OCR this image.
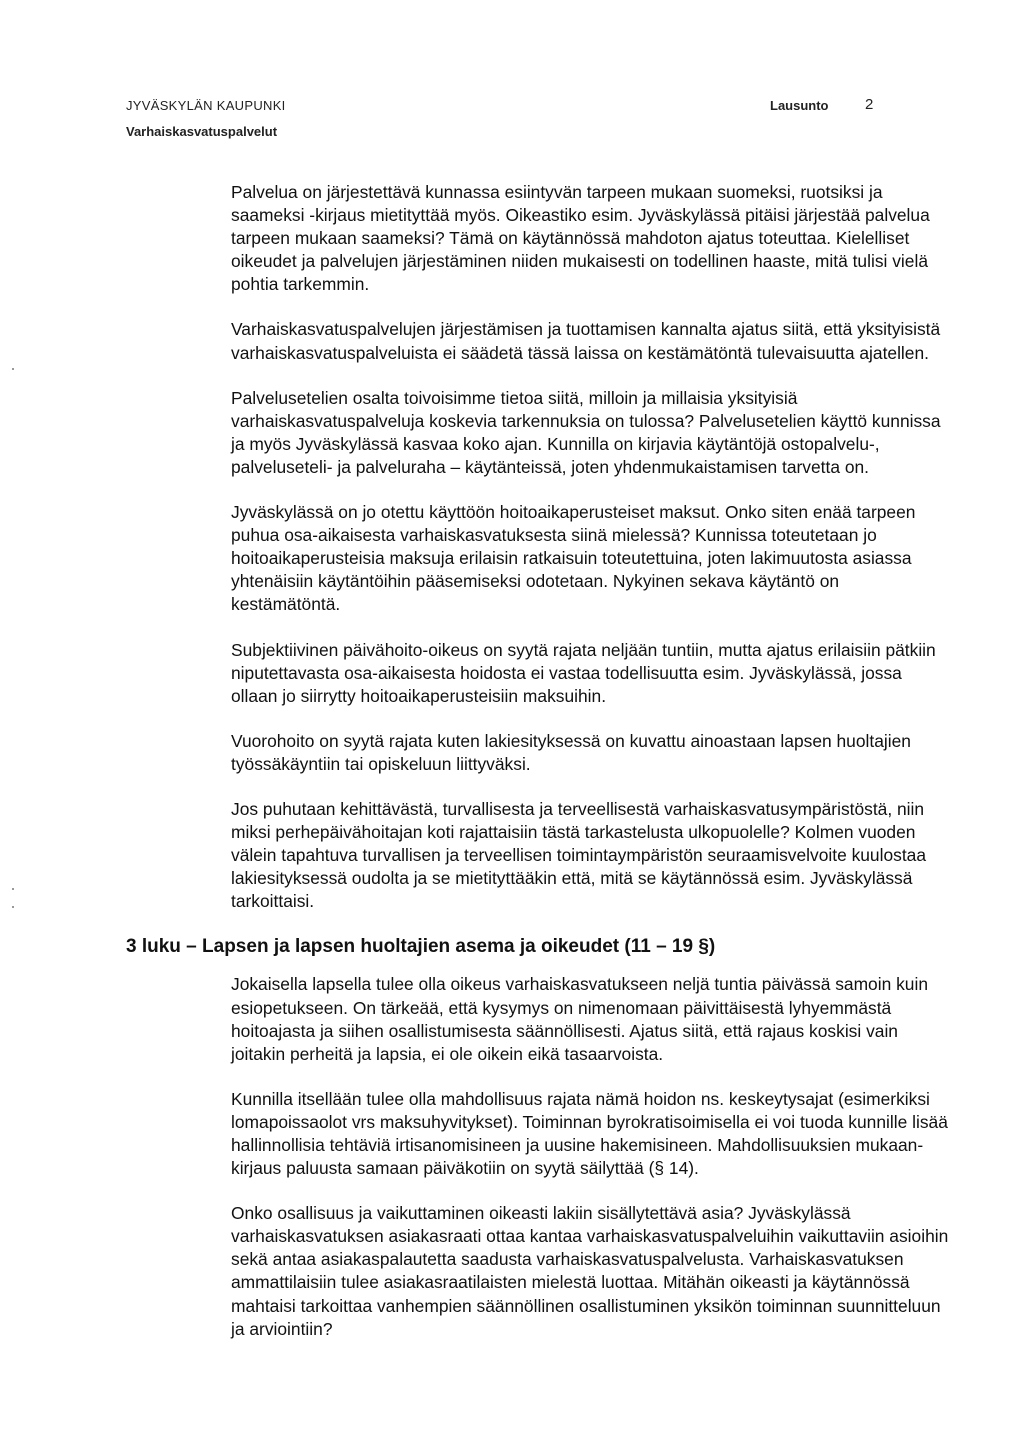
JYVÄSKYLÄN KAUPUNKI
Varhaiskasvatuspalvelut
Lausunto 2

Palvelua on järjestettävä kunnassa esiintyvän tarpeen mukaan suomeksi, ruotsiksi ja saameksi -kirjaus mietityttää myös. Oikeastiko esim. Jyväskylässä pitäisi järjestää palvelua tarpeen mukaan saameksi? Tämä on käytännössä mahdoton ajatus toteuttaa. Kielelliset oikeudet ja palvelujen järjestäminen niiden mukaisesti on todellinen haaste, mitä tulisi vielä pohtia tarkemmin.

Varhaiskasvatuspalvelujen järjestämisen ja tuottamisen kannalta ajatus siitä, että yksityisistä varhaiskasvatuspalveluista ei säädetä tässä laissa on kestämätöntä tulevaisuutta ajatellen.

Palvelusetelien osalta toivoisimme tietoa siitä, milloin ja millaisia yksityisiä varhaiskasvatuspalveluja koskevia tarkennuksia on tulossa? Palvelusetelien käyttö kunnissa ja myös Jyväskylässä kasvaa koko ajan. Kunnilla on kirjavia käytäntöjä ostopalvelu-, palveluseteli- ja palveluraha – käytänteissä, joten yhdenmukaistamisen tarvetta on.

Jyväskylässä on jo otettu käyttöön hoitoaikaperusteiset maksut. Onko siten enää tarpeen puhua osa-aikaisesta varhaiskasvatuksesta siinä mielessä? Kunnissa toteutetaan jo hoitoaikaperusteisia maksuja erilaisin ratkaisuin toteutettuina, joten lakimuutosta asiassa yhtenäisiin käytäntöihin pääsemiseksi odotetaan. Nykyinen sekava käytäntö on kestämätöntä.

Subjektiivinen päivähoito-oikeus on syytä rajata neljään tuntiin, mutta ajatus erilaisiin pätkiin niputettavasta osa-aikaisesta hoidosta ei vastaa todellisuutta esim. Jyväskylässä, jossa ollaan jo siirrytty hoitoaikaperusteisiin maksuihin.

Vuorohoito on syytä rajata kuten lakiesityksessä on kuvattu ainoastaan lapsen huoltajien työssäkäyntiin tai opiskeluun liittyväksi.

Jos puhutaan kehittävästä, turvallisesta ja terveellisestä varhaiskasvatusympäristöstä, niin miksi perhepäivähoitajan koti rajattaisiin tästä tarkastelusta ulkopuolelle? Kolmen vuoden välein tapahtuva turvallisen ja terveellisen toimintaympäristön seuraamisvelvoite kuulostaa lakiesityksessä oudolta ja se mietityttääkin että, mitä se käytännössä esim. Jyväskylässä tarkoittaisi.

3 luku – Lapsen ja lapsen huoltajien asema ja oikeudet (11 – 19 §)

Jokaisella lapsella tulee olla oikeus varhaiskasvatukseen neljä tuntia päivässä samoin kuin esiopetukseen. On tärkeää, että kysymys on nimenomaan päivittäisestä lyhyemmästä hoitoajasta ja siihen osallistumisesta säännöllisesti. Ajatus siitä, että rajaus koskisi vain joitakin perheitä ja lapsia, ei ole oikein eikä tasaarvoista.

Kunnilla itsellään tulee olla mahdollisuus rajata nämä hoidon ns. keskeytysajat (esimerkiksi lomapoissaolot vrs maksuhyvitykset). Toiminnan byrokratisoimisella ei voi tuoda kunnille lisää hallinnollisia tehtäviä irtisanomisineen ja uusine hakemisineen. Mahdollisuuksien mukaan- kirjaus paluusta samaan päiväkotiin on syytä säilyttää (§ 14).

Onko osallisuus ja vaikuttaminen oikeasti lakiin sisällytettävä asia? Jyväskylässä varhaiskasvatuksen asiakasraati ottaa kantaa varhaiskasvatuspalveluihin vaikuttaviin asioihin sekä antaa asiakaspalautetta saadusta varhaiskasvatuspalvelusta. Varhaiskasvatuksen ammattilaisiin tulee asiakasraatilaisten mielestä luottaa. Mitähän oikeasti ja käytännössä mahtaisi tarkoittaa vanhempien säännöllinen osallistuminen yksikön toiminnan suunnitteluun ja arviointiin?
